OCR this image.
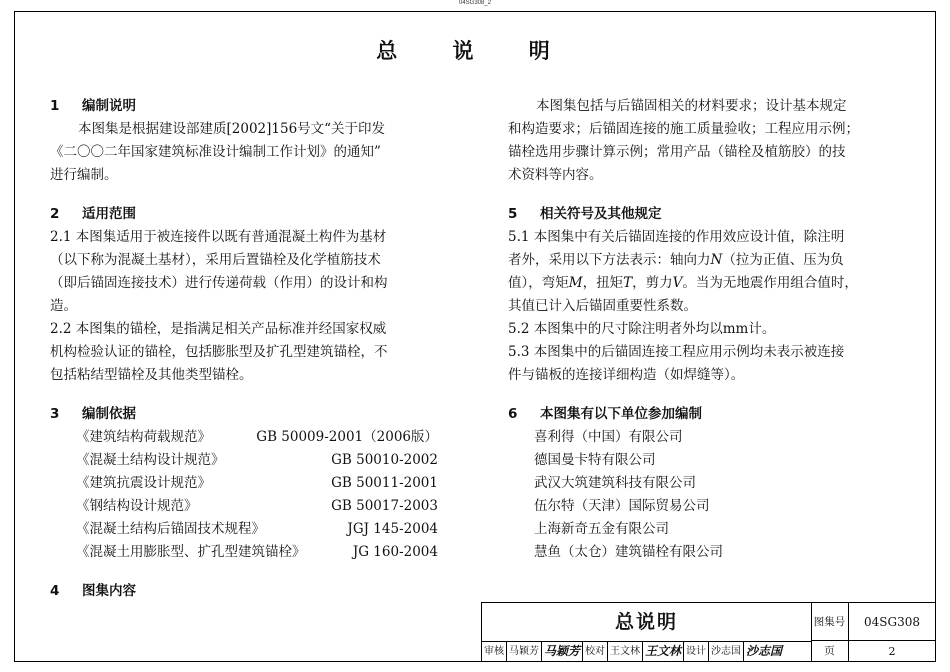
04SG308_2
总 说 明

1 编制说明

本图集是根据建设部建质[2002]156号文“关于印发

《二〇〇二年国家建筑标准设计编制工作计划》的通知”

进行编制。

2 适用范围

2.1 本图集适用于被连接件以既有普通混凝土构件为基材

（以下称为混凝土基材），采用后置锚栓及化学植筋技术

（即后锚固连接技术）进行传递荷载（作用）的设计和构

造。

2.2 本图集的锚栓，是指满足相关产品标准并经国家权威

机构检验认证的锚栓，包括膨胀型及扩孔型建筑锚栓，不

包括粘结型锚栓及其他类型锚栓。

3 编制依据

《建筑结构荷载规范》	GB 50009-2001（2006版）

《混凝土结构设计规范》	GB 50010-2002

《建筑抗震设计规范》	GB 50011-2001

《钢结构设计规范》	GB 50017-2003

《混凝土结构后锚固技术规程》	JGJ 145-2004

《混凝土用膨胀型、扩孔型建筑锚栓》	JG 160-2004

4 图集内容

本图集包括与后锚固相关的材料要求；设计基本规定

和构造要求；后锚固连接的施工质量验收；工程应用示例；

锚栓选用步骤计算示例；常用产品（锚栓及植筋胶）的技

术资料等内容。

5 相关符号及其他规定

5.1 本图集中有关后锚固连接的作用效应设计值，除注明

者外，采用以下方法表示：轴向力N（拉为正值、压为负

值），弯矩M，扭矩T，剪力V。当为无地震作用组合值时，

其值已计入后锚固重要性系数。

5.2 本图集中的尺寸除注明者外均以mm计。

5.3 本图集中的后锚固连接工程应用示例均未表示被连接

件与锚板的连接详细构造（如焊缝等）。

6 本图集有以下单位参加编制

喜利得（中国）有限公司

德国曼卡特有限公司

武汉大筑建筑科技有限公司

伍尔特（天津）国际贸易公司

上海新奇五金有限公司

慧鱼（太仓）建筑锚栓有限公司

总说明	图集号	04SG308
页	2
审核 马颖芳 马颖芳 校对 王文林 王文林 设计 沙志国 沙志国
